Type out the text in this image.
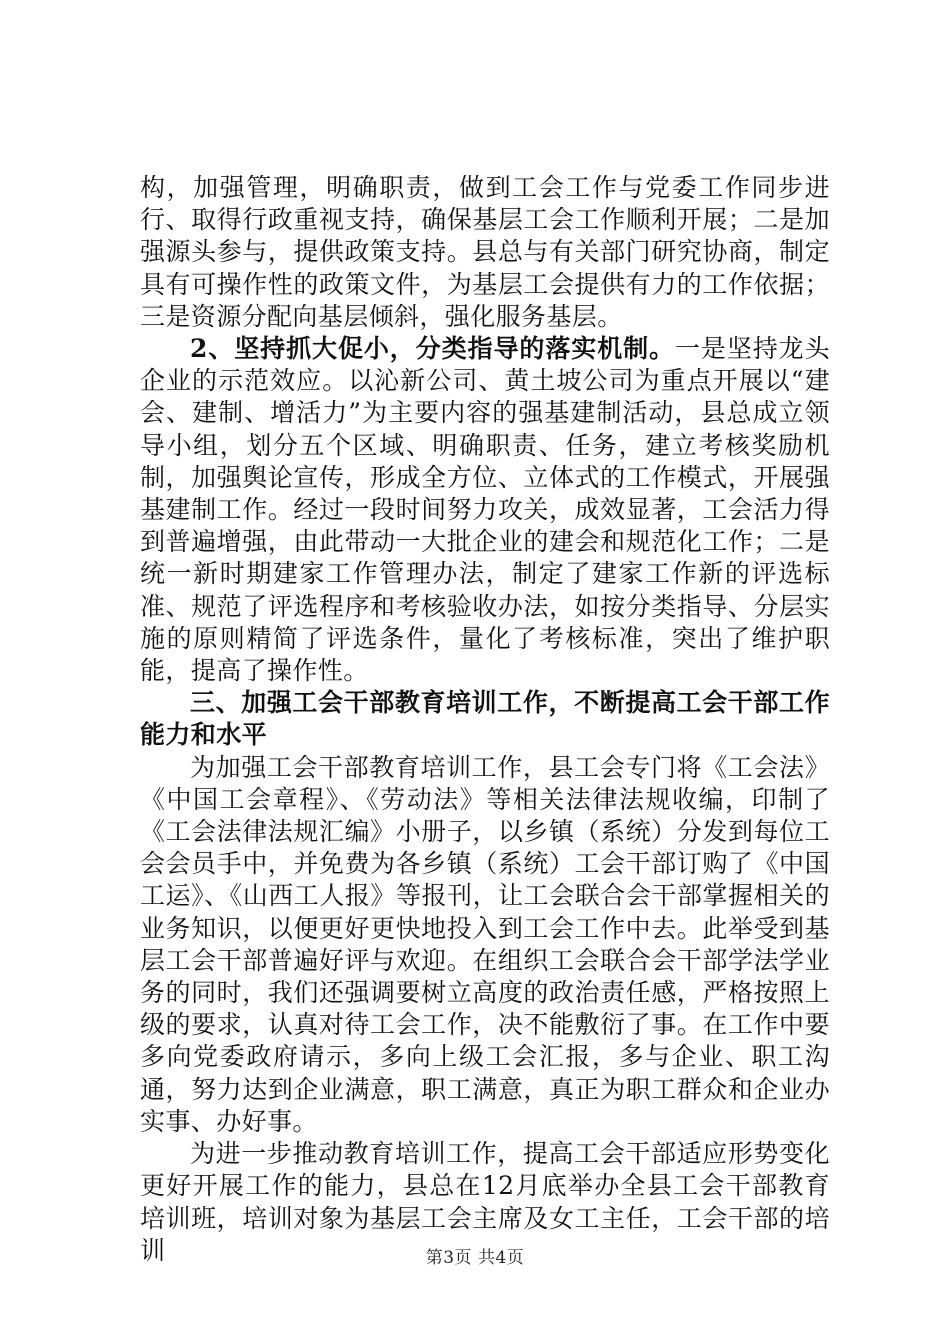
构，加强管理，明确职责，做到工会工作与党委工作同步进行、取得行政重视支持，确保基层工会工作顺利开展；二是加强源头参与，提供政策支持。县总与有关部门研究协商，制定具有可操作性的政策文件，为基层工会提供有力的工作依据；三是资源分配向基层倾斜，强化服务基层。

2、坚持抓大促小，分类指导的落实机制。一是坚持龙头企业的示范效应。以沁新公司、黄土坡公司为重点开展以“建会、建制、增活力”为主要内容的强基建制活动，县总成立领导小组，划分五个区域、明确职责、任务，建立考核奖励机制，加强舆论宣传，形成全方位、立体式的工作模式，开展强基建制工作。经过一段时间努力攻关，成效显著，工会活力得到普遍增强，由此带动一大批企业的建会和规范化工作；二是统一新时期建家工作管理办法，制定了建家工作新的评选标准、规范了评选程序和考核验收办法，如按分类指导、分层实施的原则精简了评选条件，量化了考核标准，突出了维护职能，提高了操作性。

三、加强工会干部教育培训工作，不断提高工会干部工作能力和水平

为加强工会干部教育培训工作，县工会专门将《工会法》《中国工会章程》、《劳动法》等相关法律法规收编，印制了《工会法律法规汇编》小册子，以乡镇（系统）分发到每位工会会员手中，并免费为各乡镇（系统）工会干部订购了《中国工运》、《山西工人报》等报刊，让工会联合会干部掌握相关的业务知识，以便更好更快地投入到工会工作中去。此举受到基层工会干部普遍好评与欢迎。在组织工会联合会干部学法学业务的同时，我们还强调要树立高度的政治责任感，严格按照上级的要求，认真对待工会工作，决不能敷衍了事。在工作中要多向党委政府请示，多向上级工会汇报，多与企业、职工沟通，努力达到企业满意，职工满意，真正为职工群众和企业办实事、办好事。

为进一步推动教育培训工作，提高工会干部适应形势变化更好开展工作的能力，县总在12月底举办全县工会干部教育培训班，培训对象为基层工会主席及女工主任，工会干部的培训	第3页 共4页
